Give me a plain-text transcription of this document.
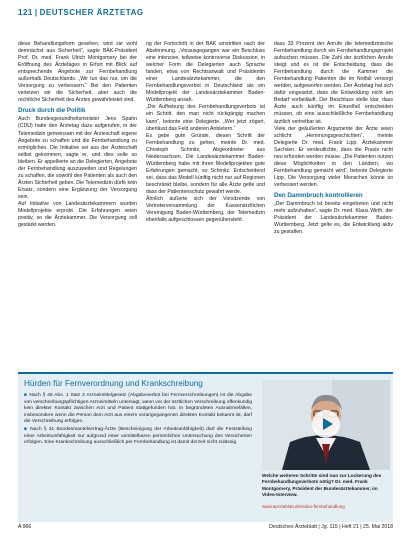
121 | DEUTSCHER ÄRZTETAG

diese Behandlungsform gesehen, wird sie wohl demnächst aus Sicherheit“, sagte BÄK-Präsident Prof. Dr. med. Frank Ulrich Montgomery bei der Eröffnung des Ärztetages in Erfurt mit Blick auf entsprechende Angebote zur Fernbehandlung außerhalb Deutschlands. „Wir tun das nur, um die Versorgung zu verbessern.“ Bei den Patienten verletzen wir die Sicherheit, aber auch die rechtliche Sicherheit des Arztes gewährleistet sind.

Druck durch die Politik

Auch Bundesgesundheitsminister Jens Spahn (CDU) hatte den Ärztetag dazu aufgerufen, in der Telemedizin gemeinsam mit der Ärzteschaft eigene Angebote zu schaffen und die Fernbehandlung zu ermöglichen. Die Initiative sei aus der Ärzteschaft selbst gekommen, sagte er, und dies solle so bleiben. Er appellierte an die Delegierten, Angebote der Fernbehandlung auszuweiten und Regelungen zu schaffen, die sowohl den Patienten als auch den Ärzten Sicherheit geben. Die Telemedizin dürfe kein Ersatz, sondern eine Ergänzung der Versorgung sein.

Auf Initiative von Landesärztekammern wurden Modellprojekte erprobt. Die Erfahrungen seien positiv, so die Ärztekammer. Die Versorgung soll gestärkt werden.

ng der Fortschritt in der BÄK umstritten nach der Abstimmung. „Vorausgegangen war ein Beschluss eine intensive, teilweise kontroverse Diskussion, in welcher Form die Delegierten auch Sprache fanden, etwa von Rechtsanwalt und Präsidentin einer Landesärztekammer, die den Fernbehandlungsverbot in Deutschland als ein Modellprojekt der Landesärztekammer Baden-Württemberg ansah.

„Die Aufhebung des Fernbehandlungsverbots ist ein Schritt, den man nicht rückgängig machen kann“, betonte eine Delegierte. „Wer jetzt zögert, überlässt das Feld anderen Anbietern.“

Es gebe gute Gründe, diesen Schritt der Fernbehandlung zu gehen, meinte Dr. med. Christoph Schmitz, Abgeordneter aus Niedersachsen. Die Landesärztekammer Baden-Württemberg habe mit ihren Modellprojekten gute Erfahrungen gemacht, so Schmitz. Entscheidend sei, dass das Modell künftig nicht nur auf Regionen beschränkt bleibe, sondern für alle Ärzte gelte und dass der Patientenschutz gewahrt werde.

Ähnlich äußerte sich der Vorsitzende von Vertreterversammlung der Kassenärztlichen Vereinigung Baden-Württemberg, der Telemedizin ebenfalls aufgeschlossen gegenübersteht.

dass 33 Prozent der Anrufe die telemedizinische Fernbehandlung durch ein Fernbehandlungsprojekt aufsuchen müssen. Die Zahl der ärztlichen Anrufe steigt und es ist die Entscheidung, dass die Fernbehandlung durch die Kammer die Fernbehandlung Patienten die im Notfall versorgt werden, aufgeworfen werden. Der Ärztetag hat sich dafür eingesetzt, dass die Entwicklung nicht am Bedarf vorbeiläuft. Der Beschluss stelle klar, dass Ärzte auch künftig im Einzelfall entscheiden müssen, ob eine ausschließliche Fernbehandlung ärztlich vertretbar ist.

Viele der geäußerten Argumente der Ärzte seien schlicht „Hemmungsgeschichten“, meinte Delegierte Dr. med. Frank Lipp, Ärztekammer Sachsen. Er verdeutlichte, dass die Praxis nicht neu erfunden werden müsse. „Die Patienten nutzen diese Möglichkeiten in den Ländern, wo Fernbehandlung gemacht wird“, betonte Delegierte Lipp. Die Versorgung vieler Menschen könne so verbessert werden.

Den Dammbruch kontrollieren

„Der Dammbruch ist bereits eingetreten und nicht mehr aufzuhalten“, sagte Dr. med. Klaus Wirth, der Präsident der Landesärztekammer Baden-Württemberg. Jetzt gelte es, die Entwicklung aktiv zu gestalten.

Hürden für Fernverordnung und Krankschreibung

■ Nach § 48 Abs. 1 Satz 2 Arzneimittelgesetz (Abgabeverbot bei Fernverschreibungen) ist die Abgabe von verschreibungspflichtigen Arzneimitteln untersagt, wenn vor der ärztlichen Verschreibung offenkundig kein direkter Kontakt zwischen Arzt und Patient stattgefunden hat. In begründeten Ausnahmefällen, insbesondere wenn die Person dem Arzt aus einem vorangegangenen direkten Kontakt bekannt ist, darf die Verschreibung erfolgen.

■ Nach § 31 Bundesmantelvertrag-Ärzte (Bescheinigung der Arbeitsunfähigkeit) darf die Feststellung einer Arbeitsunfähigkeit nur aufgrund einer unmittelbaren persönlichen Untersuchung des Versicherten erfolgen. Eine Krankschreibung ausschließlich per Fernbehandlung ist damit derzeit nicht zulässig.

Welche weiteren Schritte sind nun zur Lockerung des Fernbehandlungsverbots nötig? Dr. med. Frank Montgomery, Präsident der Bundesärztekammer, im Video-Interview.
www.aerzteblatt.de/video-fernbehandlung
A 966	Deutsches Ärzteblatt | Jg. 115 | Heft 21 | 25. Mai 2018
